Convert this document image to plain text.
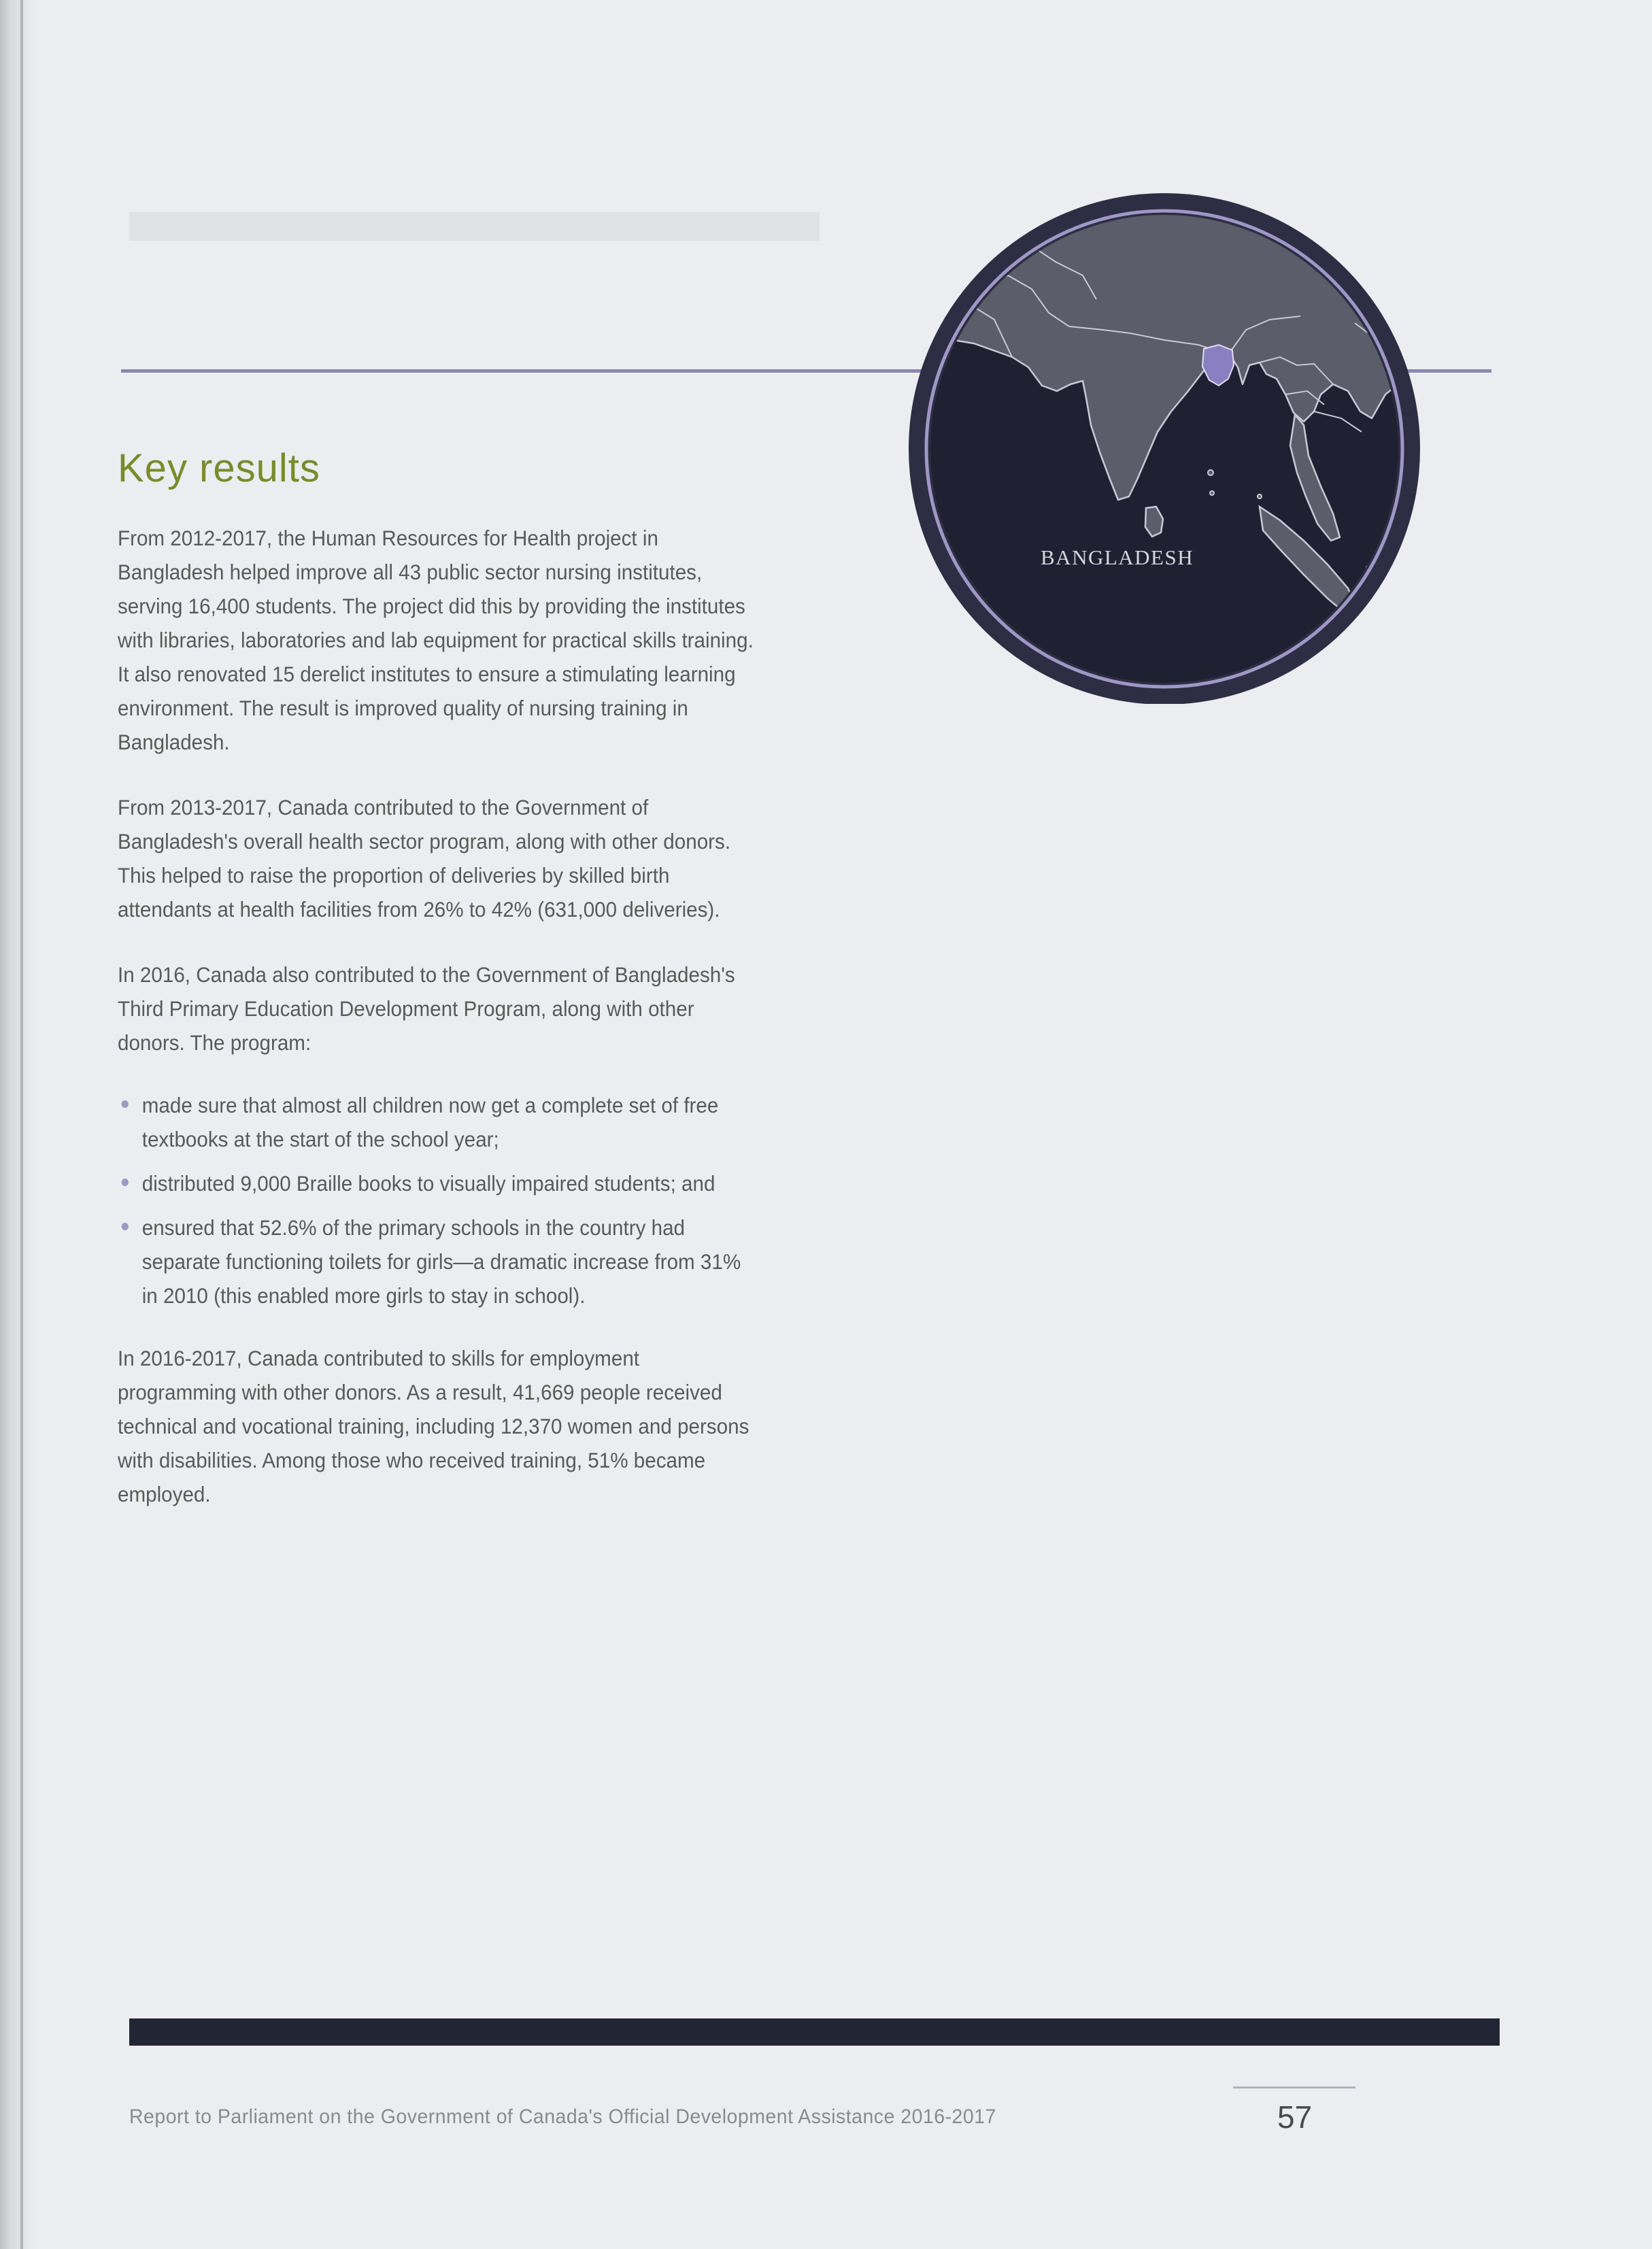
BANGLADESH
Key results

From 2012-2017, the Human Resources for Health project in Bangladesh helped improve all 43 public sector nursing institutes, serving 16,400 students. The project did this by providing the institutes with libraries, laboratories and lab equipment for practical skills training. It also renovated 15 derelict institutes to ensure a stimulating learning environment. The result is improved quality of nursing training in Bangladesh.

From 2013-2017, Canada contributed to the Government of Bangladesh's overall health sector program, along with other donors. This helped to raise the proportion of deliveries by skilled birth attendants at health facilities from 26% to 42% (631,000 deliveries).

In 2016, Canada also contributed to the Government of Bangladesh's Third Primary Education Development Program, along with other donors. The program:

made sure that almost all children now get a complete set of free textbooks at the start of the school year;
distributed 9,000 Braille books to visually impaired students; and
ensured that 52.6% of the primary schools in the country had separate functioning toilets for girls—a dramatic increase from 31% in 2010 (this enabled more girls to stay in school).

In 2016-2017, Canada contributed to skills for employment programming with other donors. As a result, 41,669 people received technical and vocational training, including 12,370 women and persons with disabilities. Among those who received training, 51% became employed.

Report to Parliament on the Government of Canada's Official Development Assistance 2016-2017	57
